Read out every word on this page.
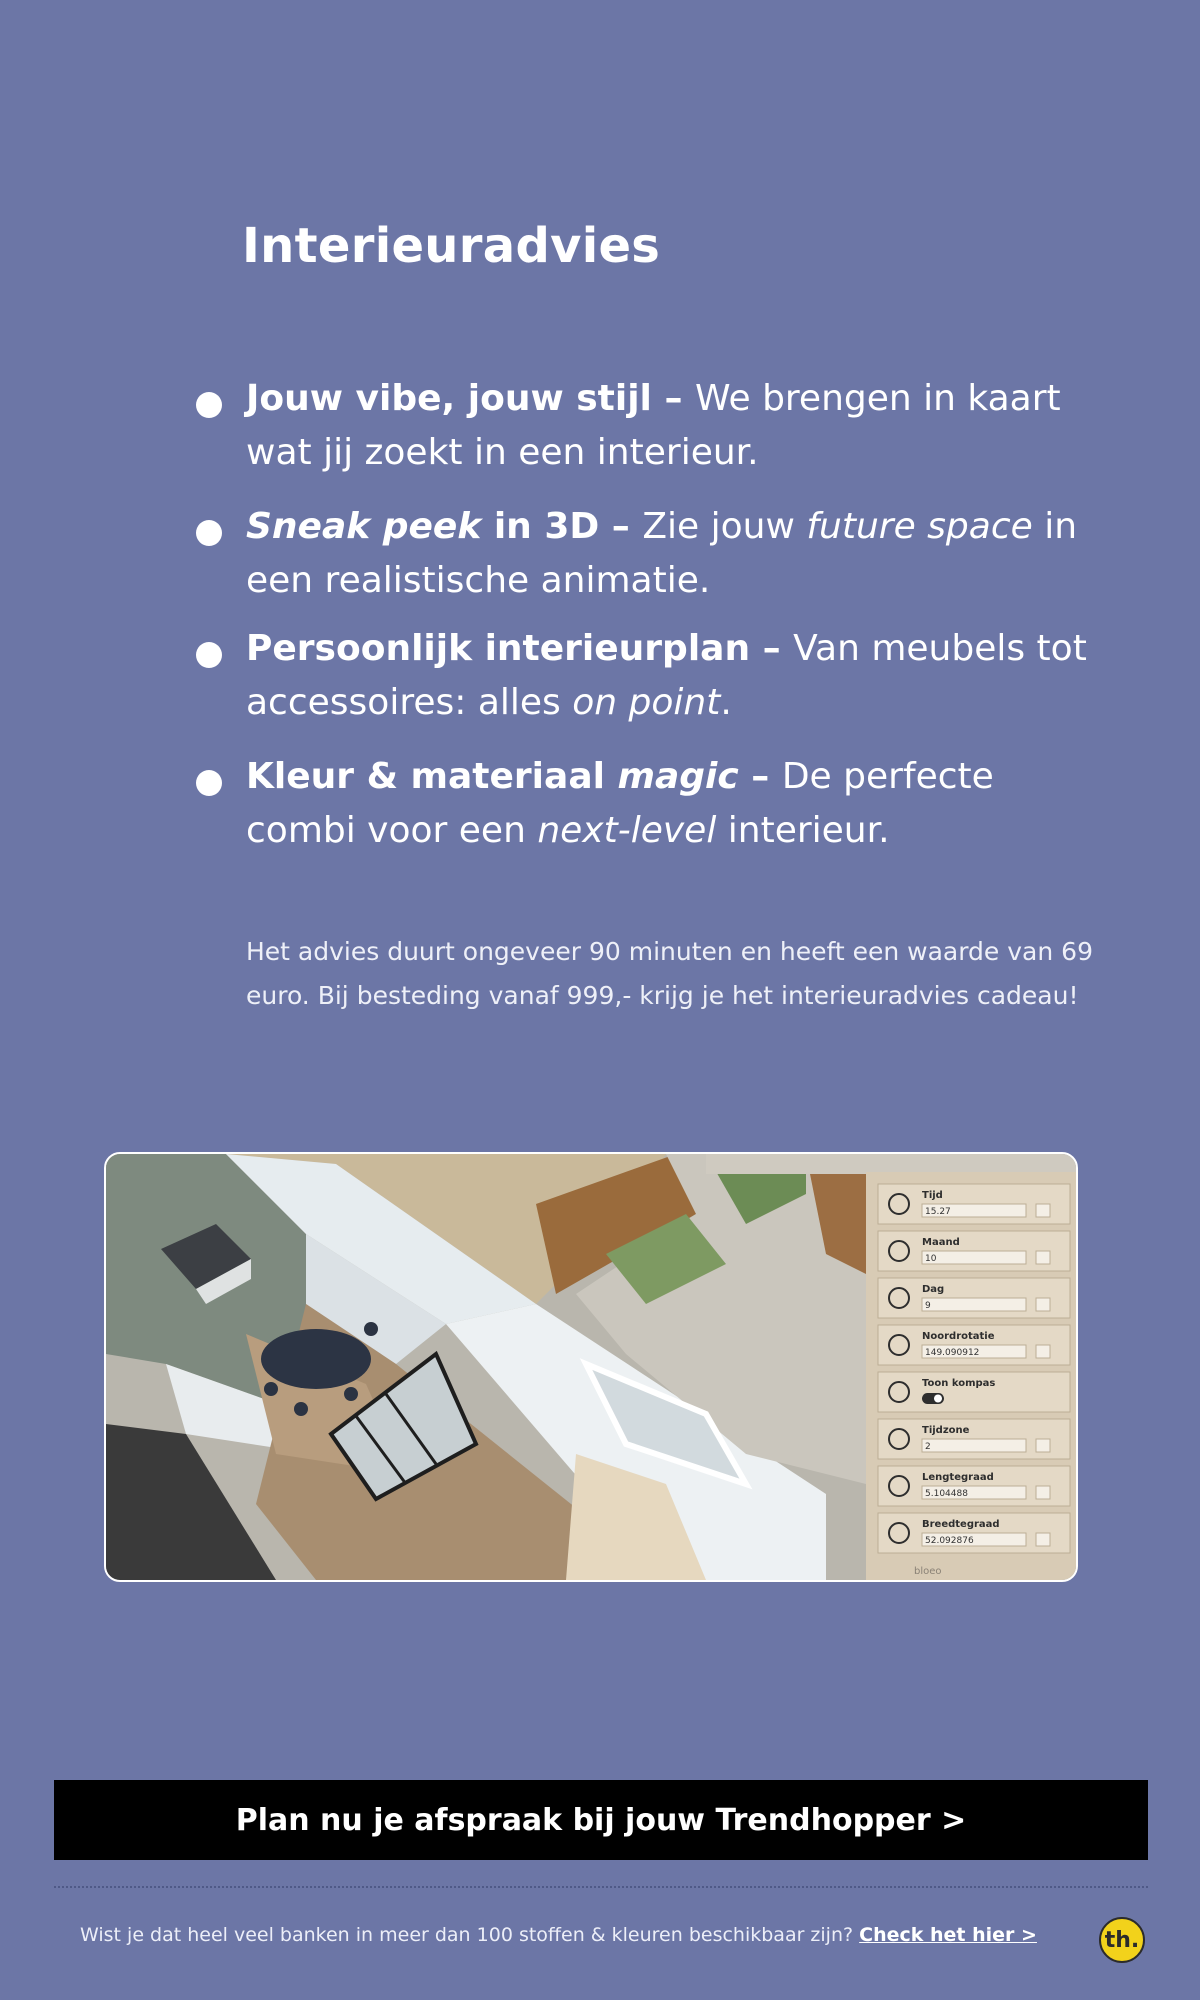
Interieuradvies
Jouw vibe, jouw stijl – We brengen in kaart wat jij zoekt in een interieur.
Sneak peek in 3D – Zie jouw future space in een realistische animatie.
Persoonlijk interieurplan – Van meubels tot accessoires: alles on point.
Kleur & materiaal magic – De perfecte combi voor een next-level interieur.

Het advies duurt ongeveer 90 minuten en heeft een waarde van 69 euro. Bij besteding vanaf 999,- krijg je het interieuradvies cadeau!

Tijd
15.27
Maand
10
Dag
9
Noordrotatie
149.090912
Toon kompas
Tijdzone
2
Lengtegraad
5.104488
Breedtegraad
52.092876
bloeo
Plan nu je afspraak bij jouw Trendhopper >
Wist je dat heel veel banken in meer dan 100 stoffen & kleuren beschikbaar zijn? Check het hier >	th.
